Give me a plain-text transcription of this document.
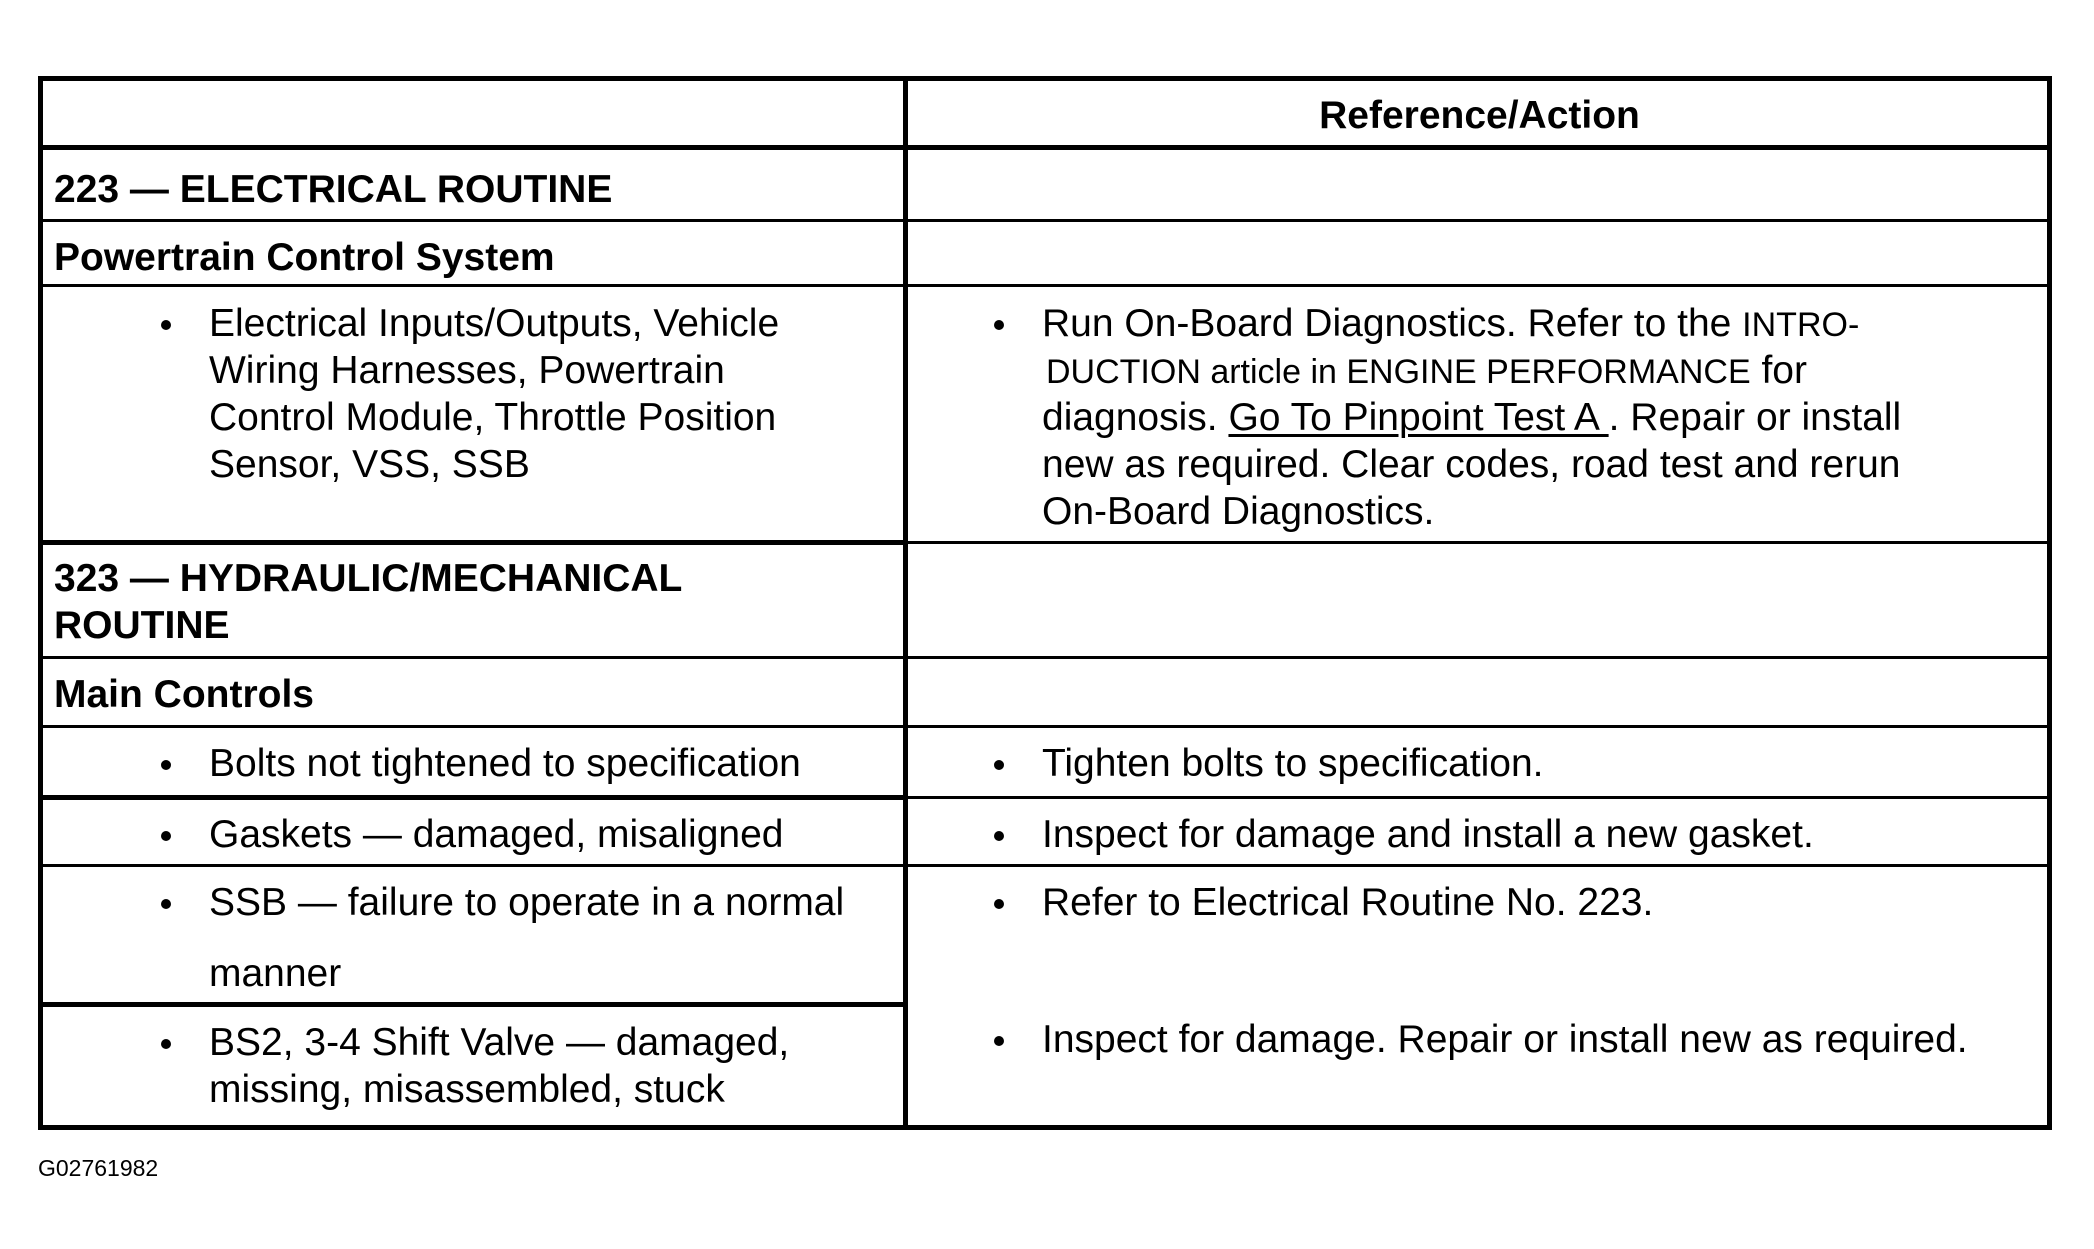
Reference/Action
223 — ELECTRICAL ROUTINE
Powertrain Control System
Electrical Inputs/Outputs, Vehicle
Wiring Harnesses, Powertrain
Control Module, Throttle Position
Sensor, VSS, SSB
Run On-Board Diagnostics. Refer to the INTRO-
DUCTION article in ENGINE PERFORMANCE for
diagnosis. Go To Pinpoint Test A . Repair or install
new as required. Clear codes, road test and rerun
On-Board Diagnostics.
323 — HYDRAULIC/MECHANICAL
ROUTINE
Main Controls
Bolts not tightened to specification	Tighten bolts to specification.
Gaskets — damaged, misaligned	Inspect for damage and install a new gasket.
SSB — failure to operate in a normal
manner
Refer to Electrical Routine No. 223.
BS2, 3-4 Shift Valve — damaged,
missing, misassembled, stuck
Inspect for damage. Repair or install new as required.
G02761982
